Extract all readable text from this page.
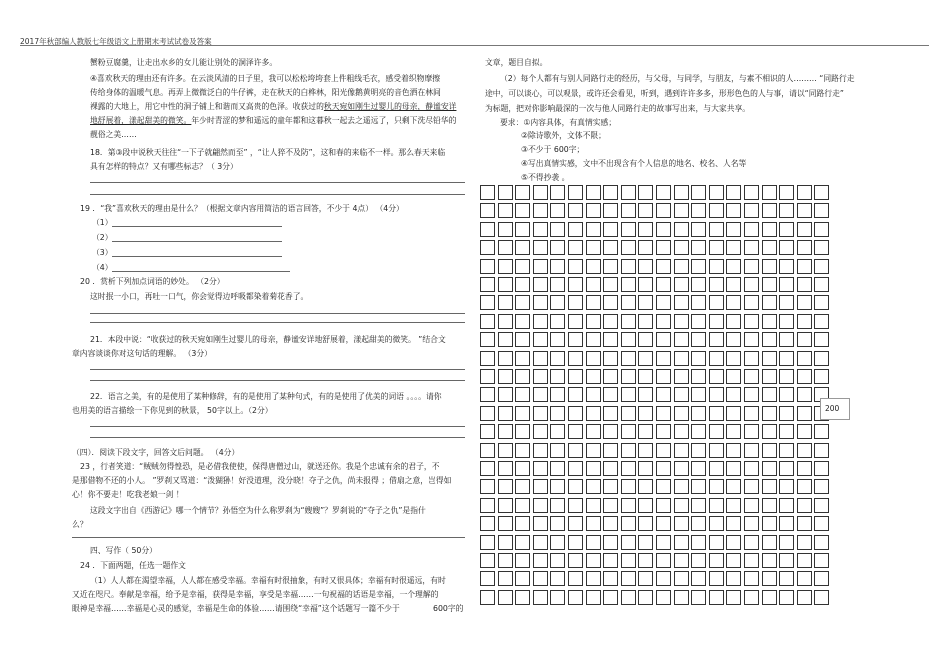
2017年秋部编人教版七年级语文上册期末考试试卷及答案
蟹粉豆腐羹，让走出水乡的女儿能让别处的洞泽许多。
④喜欢秋天的理由还有许多。在云淡风清的日子里，我可以松松垮垮套上件粗线毛衣，感受着织物摩擦
传给身体的温暖气息。再弄上微微泛白的牛仔裤，走在秋天的白桦林，阳光像鹅黄明亮的音色洒在林间
裸露的大地上，用它中性的洞子铺上和谐而又高贵的色泽。收获过的秋天宛如刚生过婴儿的母亲，静谧安详
地舒展着，漾起甜美的微笑。年少时青涩的梦和遥远的童年都和这暮秋一起去之遥远了，只剩下洗尽铅华的
靓俗之美……
18．第③段中说秋天往往“一下子就翩然而至” ，“让人猝不及防”，这和春的来临不一样。那么春天来临
具有怎样的特点？又有哪些标志？（ 3分）
19 ．“我”喜欢秋天的理由是什么？（根据文章内容用简洁的语言回答，不少于 4点） （4分）
（1）
（2）
（3）
（4）
20 ．赏析下列加点词语的妙处。 （2分）
这时抿一小口，再吐一口气，你会觉得边呼吸都染着菊花香了。
21．本段中说：“收获过的秋天宛如刚生过婴儿的母亲，静谧安详地舒展着，漾起甜美的微笑。 ”结合文
章内容谈谈你对这句话的理解。 （3分）
22．语言之美，有的是使用了某种修辞，有的是使用了某种句式，有的是使用了优美的词语 。。。。请你
也用美的语言描绘一下你见到的秋景， 50字以上。（2分）
（四）．阅读下段文字，回答文后问题。 （4分）
23 ，行者笑道：“贼贼勿得惶恐，是必借我使使，保得唐僧过山，就送还你。我是个忠诚有余的君子，不
是那借物不还的小人。 ”罗刹又骂道：“泼猢狲！好没道理，没分晓！夺子之仇，尚未报得 ；借扇之意，岂得如
心！你不要走！吃我老娘一剑 ！
这段文字出自《西游记》哪一个情节？孙悟空为什么称罗刹为“嫂嫂”？罗刹说的“夺子之仇”是指什
么？
四、写作（ 50分）
24 ．下面两题，任选一题作文
（1）人人都在渴望幸福，人人都在感受幸福。幸福有时很抽象，有时又很具体；幸福有时很遥远，有时
又近在咫尺。奉献是幸福，给予是幸福，获得是幸福，享受是幸福……一句祝福的话语是幸福，一个理解的
眼神是幸福……幸福是心灵的感觉，幸福是生命的体验……请围绕“幸福”这个话题写一篇不少于	600字的
文章，题目自拟。
（2）每个人都有与别人同路行走的经历，与父母，与同学，与朋友，与素不相识的人……… “同路行走
途中，可以谈心，可以观景，或许还会看见，听到，遇到许许多多，形形色色的人与事，请以“同路行走”
为标题，把对你影响最深的一次与他人同路行走的故事写出来，与大家共享。
要求：①内容具体，有真情实感；
②除诗歌外，文体不限；
③不少于 600字；
④写出真情实感，文中不出现含有个人信息的地名、校名、人名等
⑤不得抄袭 。
200
